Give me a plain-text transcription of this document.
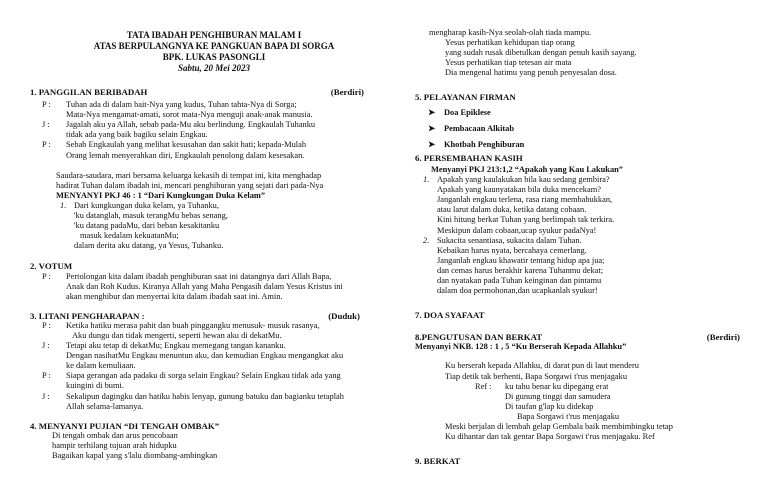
TATA IBADAH PENGHIBURAN MALAM I
ATAS BERPULANGNYA KE PANGKUAN BAPA DI SORGA
BPK. LUKAS PASONGLI
Sabtu, 20 Mei 2023
1. PANGGILAN BERIBADAH	(Berdiri)
P :	Tuhan ada di dalam bait-Nya yang kudus, Tuhan tahta-Nya di Sorga;
Mata-Nya mengamat-amati, sorot mata-Nya menguji anak-anak manusia.
J :	Jagalah aku ya Allah, sebab pada-Mu aku berlindung. Engkaulah Tuhanku
tidak ada yang baik bagiku selain Engkau.
P :	Sebab Engkaulah yang melihat kesusahan dan sakit hati; kepada-Mulah
Orang lemah menyerahkan diri, Engkaulah penolong dalam kesesakan.
Saudara-saudara, mari bersama keluarga kekasih di tempat ini, kita menghadap
hadirat Tuhan dalam ibadah ini, mencari penghiburan yang sejati dari pada-Nya
MENYANYI PKJ 46 : 1 “Dari Kungkungan Duka Kelam”
1. Dari kungkungan duka kelam, ya Tuhanku,
'ku datanglah, masuk terangMu bebas senang,
'ku datang padaMu, dari beban kesakitanku
masuk kedalam kekuatanMu;
dalam derita aku datang, ya Yesus, Tuhanku.
2. VOTUM
P :	Pertolongan kita dalam ibadah penghiburan saat ini datangnya dari Allah Bapa,
Anak dan Roh Kudus. Kiranya Allah yang Maha Pengasih dalam Yesus Kristus ini
akan menghibur dan menyertai kita dalam ibadah saat ini. Amin.
3. LITANI PENGHARAPAN :	(Duduk)
P :	Ketika hatiku merasa pahit dan buah pinggangku menusuk- musuk rasanya,
Aku dungu dan tidak mengerti, seperti hewan aku di dekatMu.
J :	Tetapi aku tetap di dekatMu; Engkau memegang tangan kananku.
Dengan nasihatMu Engkau menuntun aku, dan kemudian Engkau mengangkat aku
ke dalam kemuliaan.
P :	Siapa gerangan ada padaku di sorga selain Engkau? Selain Engkau tidak ada yang
kuingini di bumi.
J :	Sekalipun dagingku dan hatiku habis lenyap, gunung batuku dan bagianku tetaplah
Allah selama-lamanya.
4. MENYANYI PUJIAN “DI TENGAH OMBAK”
Di tengah ombak dan arus pencobaan
hampir terhilang tujuan arah hidupku
Bagaikan kapal yang s'lalu diombang-ambingkan
mengharap kasih-Nya seolah-olah tiada mampu.
Yesus perhatikan kehidupan tiap orang
yang sudah rusak dibetulkan dengan penuh kasih sayang.
Yesus perhatikan tiap tetesan air mata
Dia mengenal hatimu yang penuh penyesalan dosa.
5. PELAYANAN FIRMAN
➤	Doa Epiklese
➤	Pembacaan Alkitab
➤	Khotbah Penghiburan
6. PERSEMBAHAN KASIH
Menyanyi PKJ 213:1,2 “Apakah yang Kau Lakukan”
1. Apakah yang kaulakukan bila kau sedang gembira?
Apakah yang kaunyatakan bila duka mencekam?
Janganlah engkau terlena, rasa riang membabukkan,
atau larut dalam duka, ketika datang cobaan.
Kini hitung berkat Tuhan yang berlimpah tak terkira.
Meskipun dalam cobaan,ucap syukur padaNya!
2. Sukacita senantiasa, sukacita dalam Tuhan.
Kebaikan harus nyata, bercahaya cemerlang.
Janganlah engkau khawatir tentang hidup apa jua;
dan cemas harus berakhir karena Tuhanmu dekat;
dan nyatakan pada Tuhan keinginan dan pintamu
dalam doa permohonan,dan ucapkanlah syukur!
7. DOA SYAFAAT
8.PENGUTUSAN DAN BERKAT	(Berdiri)
Menyanyi NKB. 128 : 1 , 5 “Ku Berserah Kepada Allahku”
Ku berserah kepada Allahku, di darat pun di laut menderu
Tiap detik tak berhenti, Bapa Sorgawi t'rus menjagaku
Ref :	ku tahu benar ku dipegang erat
Di gunung tinggi dan samudera
Di taufan g'lap ku didekap
Bapa Sorgawi t'rus menjagaku
Meski berjalan di lembah gelap Gembala baik membimbingku tetap
Ku dihantar dan tak gentar Bapa Sorgawi t'rus menjagaku. Ref
9. BERKAT
